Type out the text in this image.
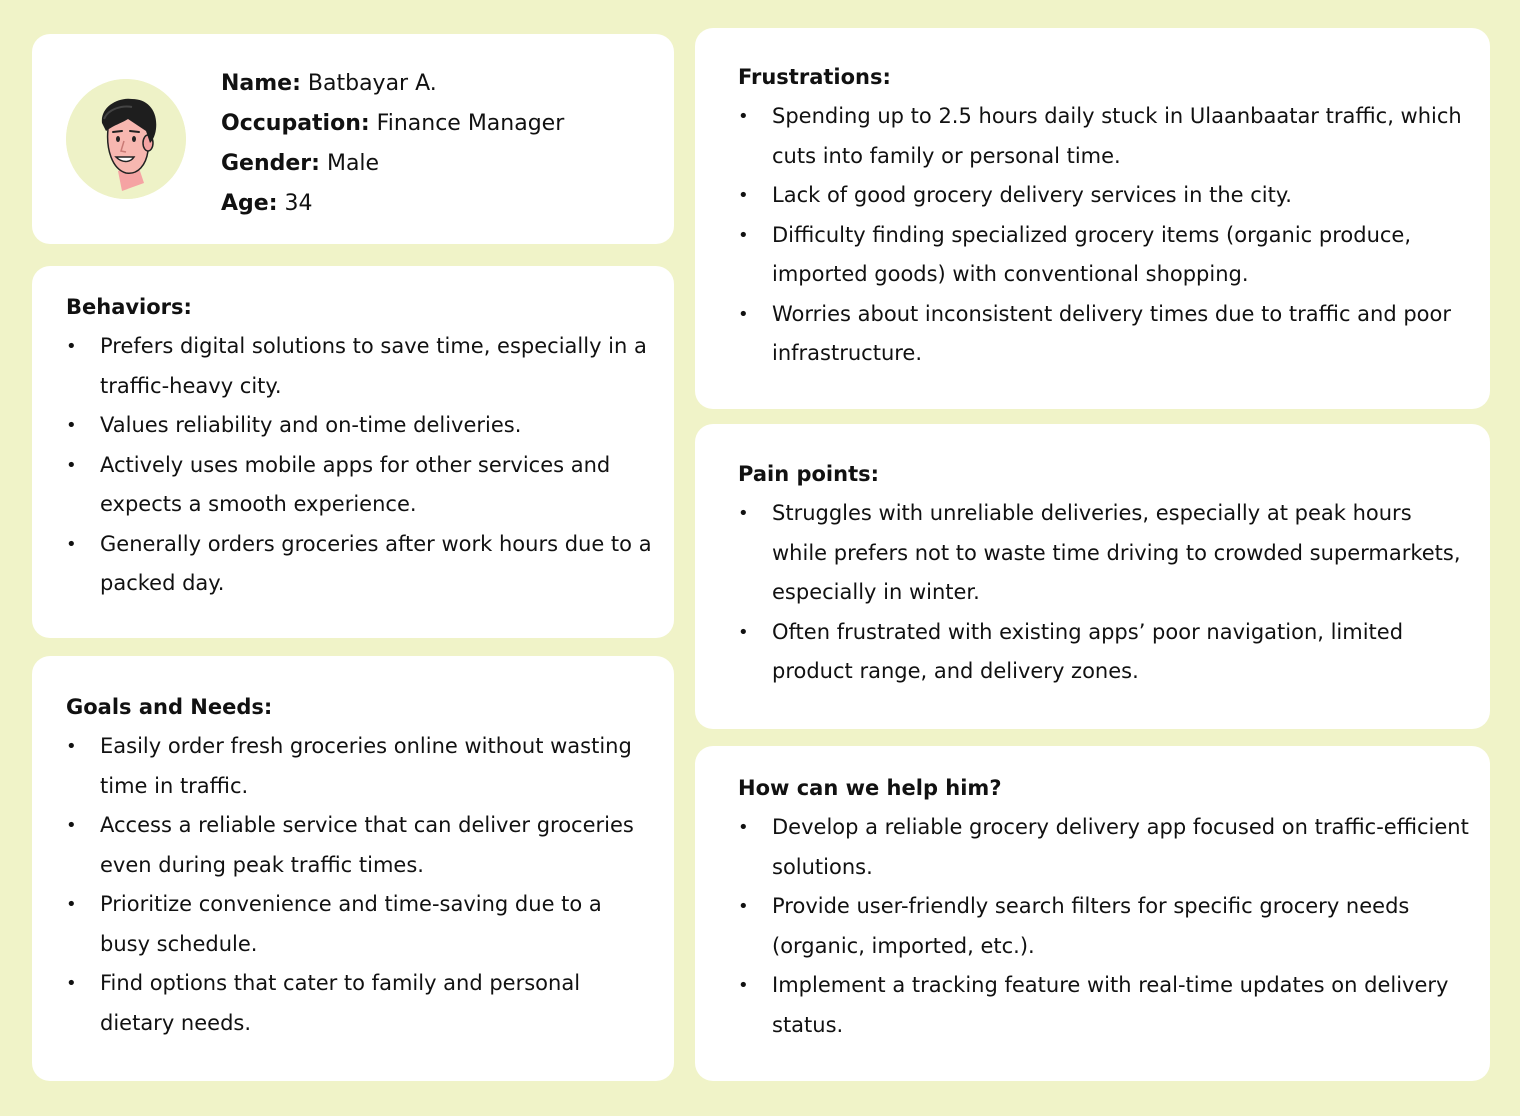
Name: Batbayar A.
Occupation: Finance Manager
Gender: Male
Age: 34
Behaviors:
• Prefers digital solutions to save time, especially in a traffic-heavy city.
• Values reliability and on-time deliveries.
• Actively uses mobile apps for other services and expects a smooth experience.
• Generally orders groceries after work hours due to a packed day.
Goals and Needs:
• Easily order fresh groceries online without wasting time in traffic.
• Access a reliable service that can deliver groceries even during peak traffic times.
• Prioritize convenience and time-saving due to a busy schedule.
• Find options that cater to family and personal dietary needs.
Frustrations:
• Spending up to 2.5 hours daily stuck in Ulaanbaatar traffic, which cuts into family or personal time.
• Lack of good grocery delivery services in the city.
• Difficulty finding specialized grocery items (organic produce, imported goods) with conventional shopping.
• Worries about inconsistent delivery times due to traffic and poor infrastructure.
Pain points:
• Struggles with unreliable deliveries, especially at peak hours while prefers not to waste time driving to crowded supermarkets, especially in winter.
• Often frustrated with existing apps’ poor navigation, limited product range, and delivery zones.
How can we help him?
• Develop a reliable grocery delivery app focused on traffic-efficient solutions.
• Provide user-friendly search filters for specific grocery needs (organic, imported, etc.).
• Implement a tracking feature with real-time updates on delivery status.
